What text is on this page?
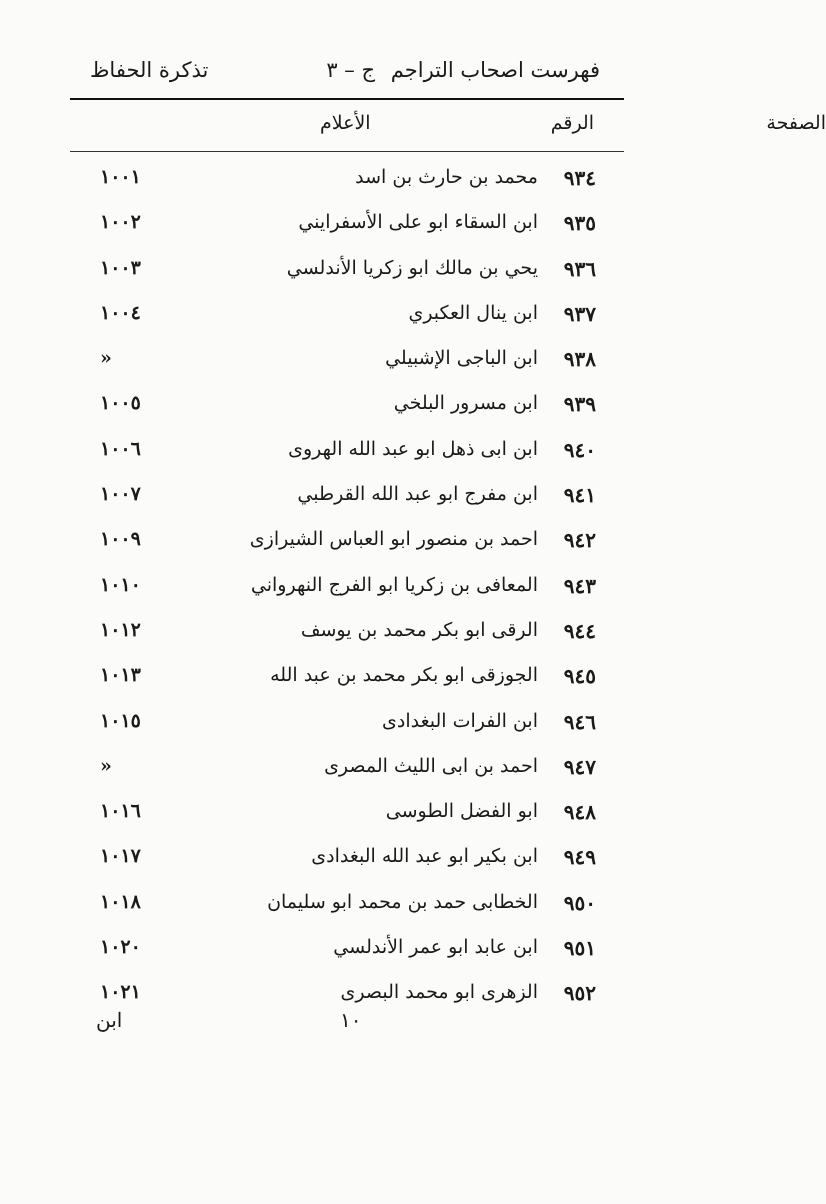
فهرست اصحاب التراجم
ج – ٣
تذكرة الحفاظ
الرقم
الأعلام	الصفحة
٩٣٤
محمد بن حارث بن اسد
١٠٠١
٩٣٥
ابن السقاء ابو على الأسفرايني
١٠٠٢
٩٣٦
يحي بن مالك ابو زكريا الأندلسي
١٠٠٣
٩٣٧
ابن ينال العكبري
١٠٠٤
٩٣٨
ابن الباجى الإشبيلي
»
٩٣٩
ابن مسرور البلخي
١٠٠٥
٩٤٠
ابن ابى ذهل ابو عبد الله الهروى
١٠٠٦
٩٤١
ابن مفرج ابو عبد الله القرطبي
١٠٠٧
٩٤٢
احمد بن منصور ابو العباس الشيرازى
١٠٠٩
٩٤٣
المعافى بن زكريا ابو الفرج النهرواني
١٠١٠
٩٤٤
الرقى ابو بكر محمد بن يوسف
١٠١٢
٩٤٥
الجوزقى ابو بكر محمد بن عبد الله
١٠١٣
٩٤٦
ابن الفرات البغدادى
١٠١٥
٩٤٧
احمد بن ابى الليث المصرى
»
٩٤٨
ابو الفضل الطوسى
١٠١٦
٩٤٩
ابن بكير ابو عبد الله البغدادى
١٠١٧
٩٥٠
الخطابى حمد بن محمد ابو سليمان
١٠١٨
٩٥١
ابن عابد ابو عمر الأندلسي
١٠٢٠
٩٥٢
الزهرى ابو محمد البصرى
١٠٢١
١٠
ابن
